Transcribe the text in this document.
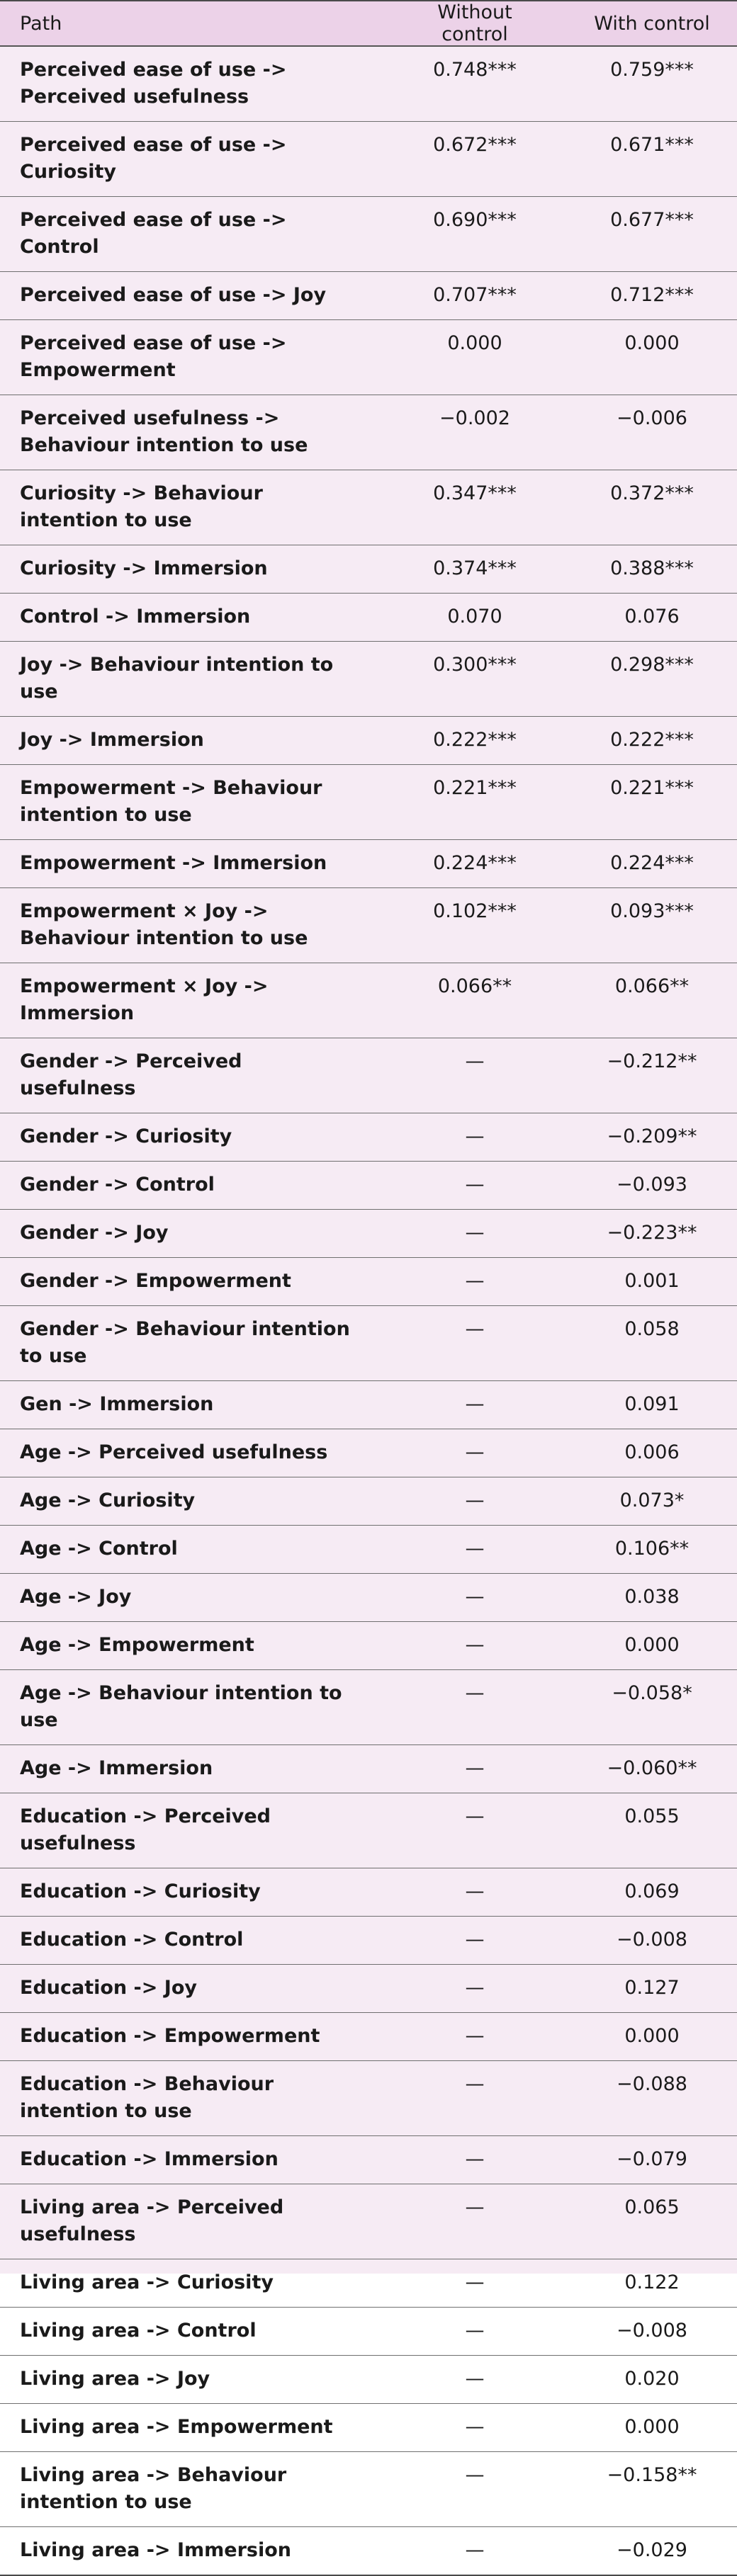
Path	Without control	With control
Perceived ease of use -> Perceived usefulness	0.748***	0.759***
Perceived ease of use -> Curiosity	0.672***	0.671***
Perceived ease of use -> Control	0.690***	0.677***
Perceived ease of use -> Joy	0.707***	0.712***
Perceived ease of use -> Empowerment	0.000	0.000
Perceived usefulness -> Behaviour intention to use	−0.002	−0.006
Curiosity -> Behaviour intention to use	0.347***	0.372***
Curiosity -> Immersion	0.374***	0.388***
Control -> Immersion	0.070	0.076
Joy -> Behaviour intention to use	0.300***	0.298***
Joy -> Immersion	0.222***	0.222***
Empowerment -> Behaviour intention to use	0.221***	0.221***
Empowerment -> Immersion	0.224***	0.224***
Empowerment × Joy -> Behaviour intention to use	0.102***	0.093***
Empowerment × Joy -> Immersion	0.066**	0.066**
Gender -> Perceived usefulness	—	−0.212**
Gender -> Curiosity	—	−0.209**
Gender -> Control	—	−0.093
Gender -> Joy	—	−0.223**
Gender -> Empowerment	—	0.001
Gender -> Behaviour intention to use	—	0.058
Gen -> Immersion	—	0.091
Age -> Perceived usefulness	—	0.006
Age -> Curiosity	—	0.073*
Age -> Control	—	0.106**
Age -> Joy	—	0.038
Age -> Empowerment	—	0.000
Age -> Behaviour intention to use	—	−0.058*
Age -> Immersion	—	−0.060**
Education -> Perceived usefulness	—	0.055
Education -> Curiosity	—	0.069
Education -> Control	—	−0.008
Education -> Joy	—	0.127
Education -> Empowerment	—	0.000
Education -> Behaviour intention to use	—	−0.088
Education -> Immersion	—	−0.079
Living area -> Perceived usefulness	—	0.065
Living area -> Curiosity	—	0.122
Living area -> Control	—	−0.008
Living area -> Joy	—	0.020
Living area -> Empowerment	—	0.000
Living area -> Behaviour intention to use	—	−0.158**
Living area -> Immersion	—	−0.029
